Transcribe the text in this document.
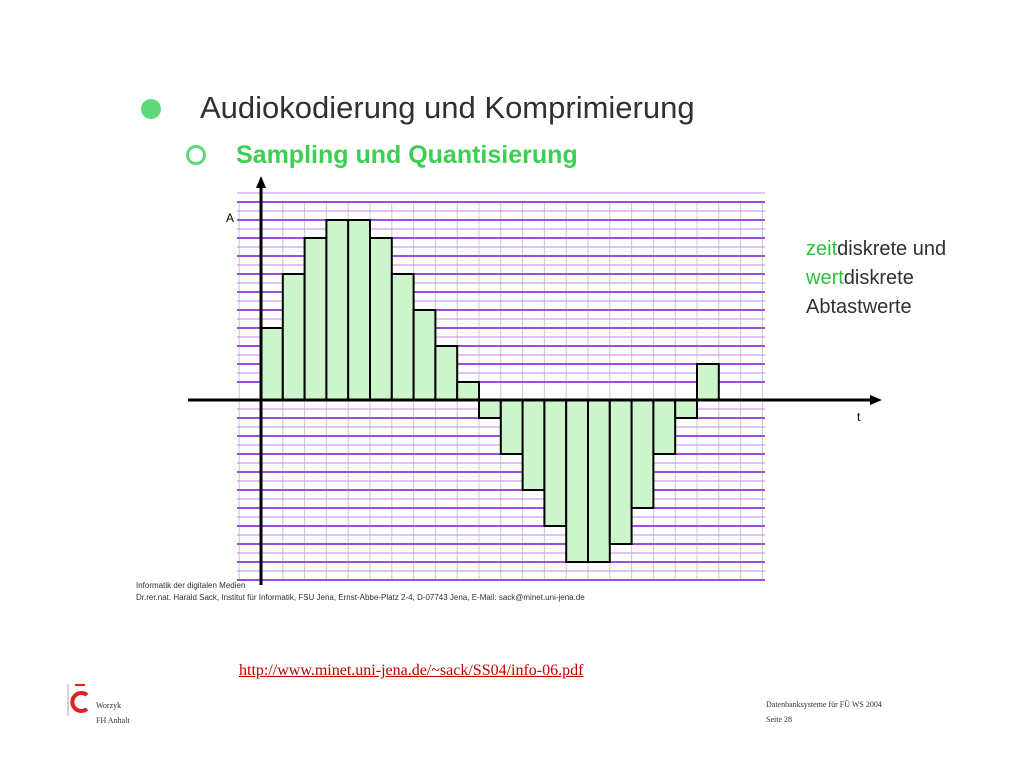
Audiokodierung und Komprimierung
Sampling und Quantisierung
A
t
zeitdiskrete und
wertdiskrete
Abtastwerte
Informatik der digitalen Medien
Dr.rer.nat. Harald Sack, Institut für Informatik, FSU Jena, Ernst-Abbe-Platz 2-4, D-07743 Jena, E-Mail: sack@minet.uni-jena.de
http://www.minet.uni-jena.de/~sack/SS04/info-06.pdf
Worzyk
FH Anhalt
Datenbanksysteme für FÜ WS 2004
Seite 28
